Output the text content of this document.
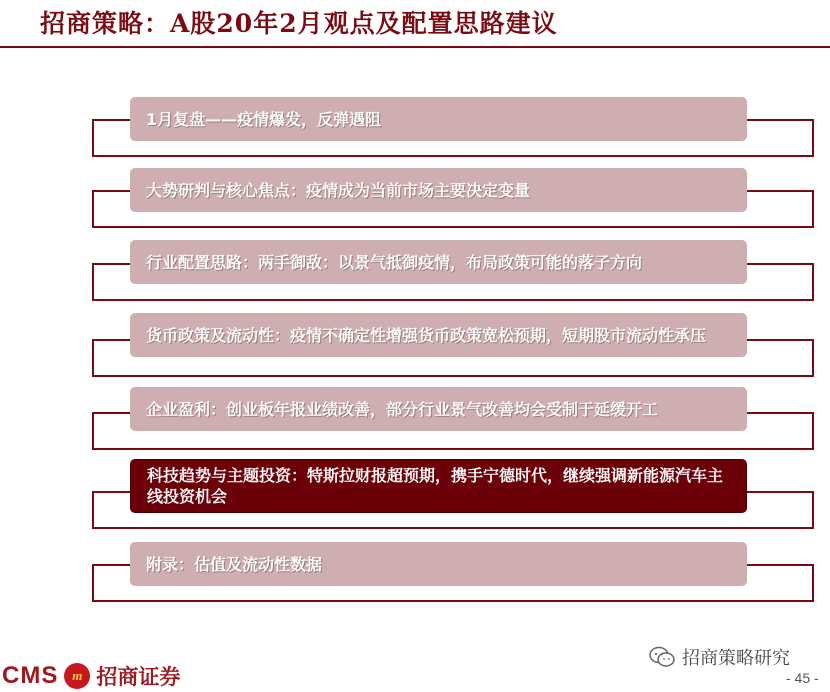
招商策略：A股20年2月观点及配置思路建议
1月复盘——疫情爆发，反弹遇阻
大势研判与核心焦点：疫情成为当前市场主要决定变量
行业配置思路：两手御敌：以景气抵御疫情，布局政策可能的落子方向
货币政策及流动性：疫情不确定性增强货币政策宽松预期，短期股市流动性承压
企业盈利：创业板年报业绩改善，部分行业景气改善均会受制于延缓开工
科技趋势与主题投资：特斯拉财报超预期，携手宁德时代，继续强调新能源汽车主线投资机会
附录：估值及流动性数据
CMS	m 招商证券
招商策略研究
- 45 -
